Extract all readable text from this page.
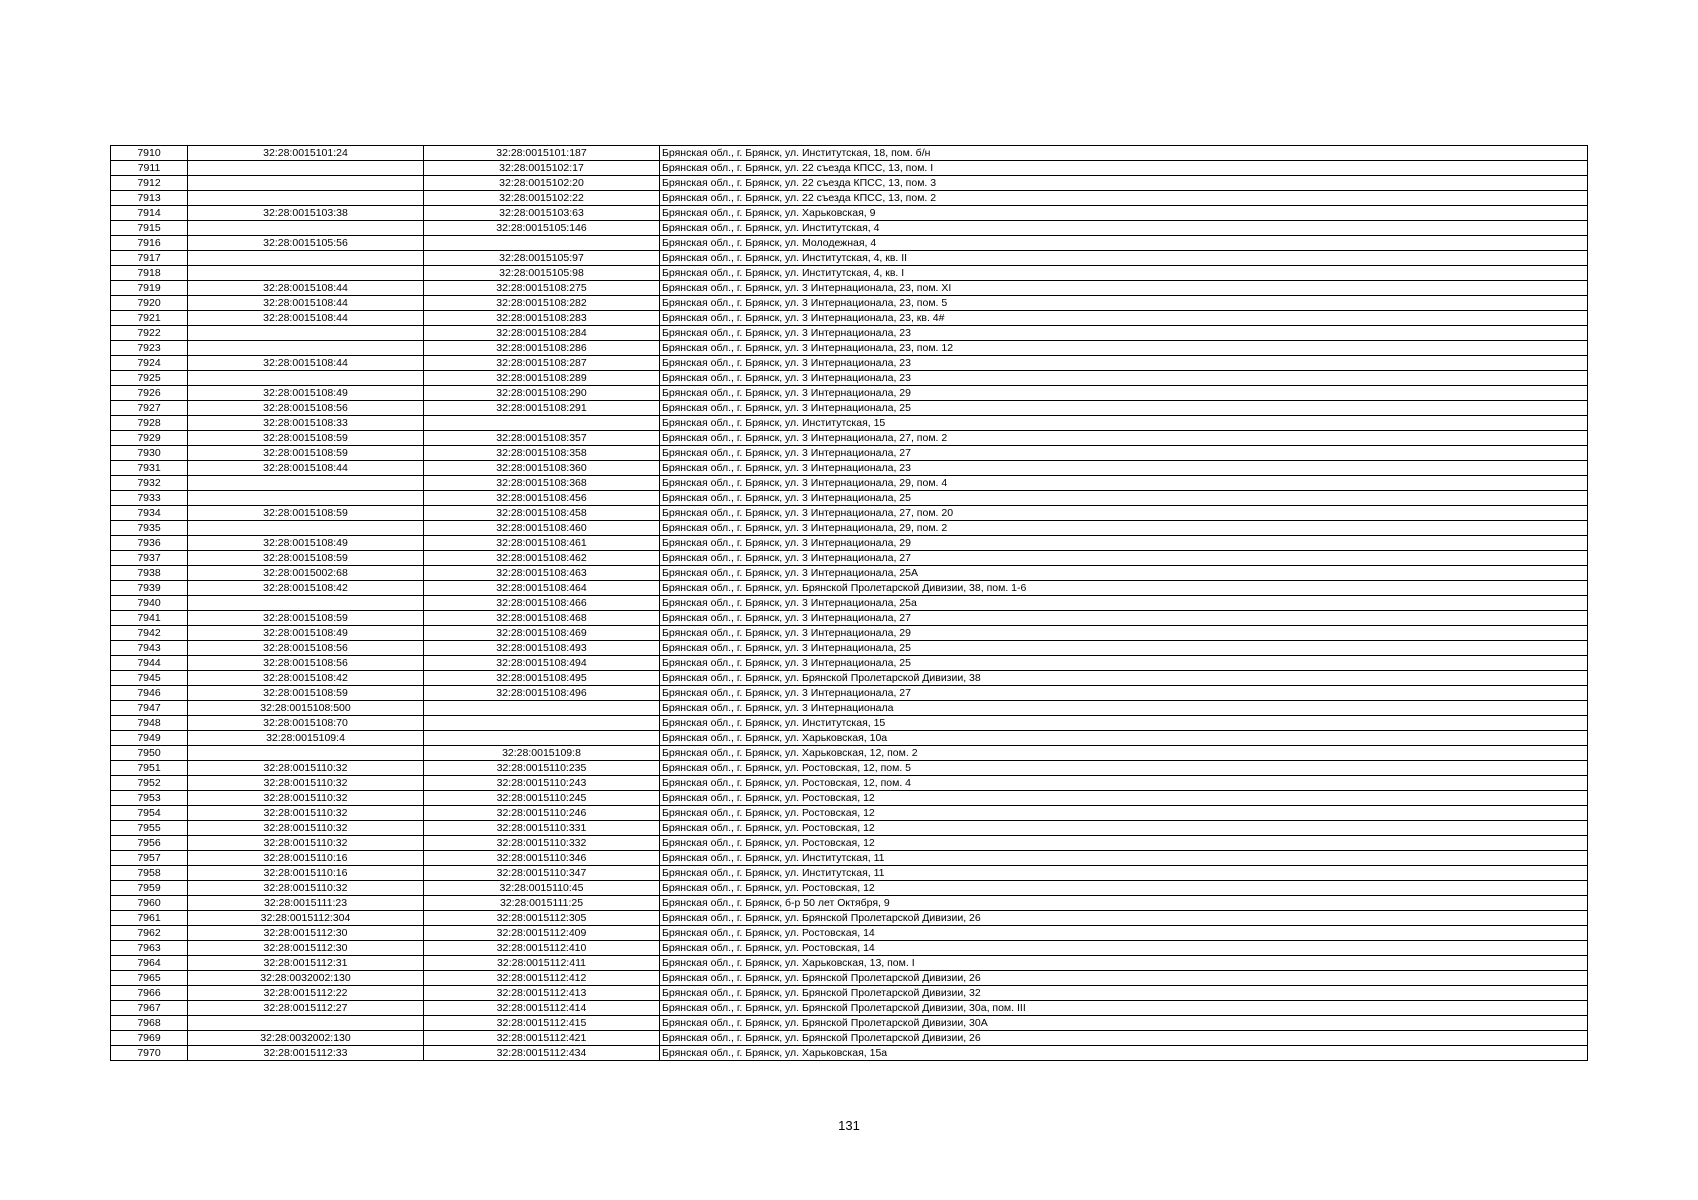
7910	32:28:0015101:24	32:28:0015101:187	Брянская обл., г. Брянск, ул. Институтская, 18, пом. б/н
7911		32:28:0015102:17	Брянская обл., г. Брянск, ул. 22 съезда КПСС, 13, пом. I
7912		32:28:0015102:20	Брянская обл., г. Брянск, ул. 22 съезда КПСС, 13, пом. 3
7913		32:28:0015102:22	Брянская обл., г. Брянск, ул. 22 съезда КПСС, 13, пом. 2
7914	32:28:0015103:38	32:28:0015103:63	Брянская обл., г. Брянск, ул. Харьковская, 9
7915		32:28:0015105:146	Брянская обл., г. Брянск, ул. Институтская, 4
7916	32:28:0015105:56		Брянская обл., г. Брянск, ул. Молодежная, 4
7917		32:28:0015105:97	Брянская обл., г. Брянск, ул. Институтская, 4, кв. II
7918		32:28:0015105:98	Брянская обл., г. Брянск, ул. Институтская, 4, кв. I
7919	32:28:0015108:44	32:28:0015108:275	Брянская обл., г. Брянск, ул. 3 Интернационала, 23, пом. XI
7920	32:28:0015108:44	32:28:0015108:282	Брянская обл., г. Брянск, ул. 3 Интернационала, 23, пом. 5
7921	32:28:0015108:44	32:28:0015108:283	Брянская обл., г. Брянск, ул. 3 Интернационала, 23, кв. 4#
7922		32:28:0015108:284	Брянская обл., г. Брянск, ул. 3 Интернационала, 23
7923		32:28:0015108:286	Брянская обл., г. Брянск, ул. 3 Интернационала, 23, пом. 12
7924	32:28:0015108:44	32:28:0015108:287	Брянская обл., г. Брянск, ул. 3 Интернационала, 23
7925		32:28:0015108:289	Брянская обл., г. Брянск, ул. 3 Интернационала, 23
7926	32:28:0015108:49	32:28:0015108:290	Брянская обл., г. Брянск, ул. 3 Интернационала, 29
7927	32:28:0015108:56	32:28:0015108:291	Брянская обл., г. Брянск, ул. 3 Интернационала, 25
7928	32:28:0015108:33		Брянская обл., г. Брянск, ул. Институтская, 15
7929	32:28:0015108:59	32:28:0015108:357	Брянская обл., г. Брянск, ул. 3 Интернационала, 27, пом. 2
7930	32:28:0015108:59	32:28:0015108:358	Брянская обл., г. Брянск, ул. 3 Интернационала, 27
7931	32:28:0015108:44	32:28:0015108:360	Брянская обл., г. Брянск, ул. 3 Интернационала, 23
7932		32:28:0015108:368	Брянская обл., г. Брянск, ул. 3 Интернационала, 29, пом. 4
7933		32:28:0015108:456	Брянская обл., г. Брянск, ул. 3 Интернационала, 25
7934	32:28:0015108:59	32:28:0015108:458	Брянская обл., г. Брянск, ул. 3 Интернационала, 27, пом. 20
7935		32:28:0015108:460	Брянская обл., г. Брянск, ул. 3 Интернационала, 29, пом. 2
7936	32:28:0015108:49	32:28:0015108:461	Брянская обл., г. Брянск, ул. 3 Интернационала, 29
7937	32:28:0015108:59	32:28:0015108:462	Брянская обл., г. Брянск, ул. 3 Интернационала, 27
7938	32:28:0015002:68	32:28:0015108:463	Брянская обл., г. Брянск, ул. 3 Интернационала, 25А
7939	32:28:0015108:42	32:28:0015108:464	Брянская обл., г. Брянск, ул. Брянской Пролетарской Дивизии, 38, пом. 1-6
7940		32:28:0015108:466	Брянская обл., г. Брянск, ул. 3 Интернационала, 25а
7941	32:28:0015108:59	32:28:0015108:468	Брянская обл., г. Брянск, ул. 3 Интернационала, 27
7942	32:28:0015108:49	32:28:0015108:469	Брянская обл., г. Брянск, ул. 3 Интернационала, 29
7943	32:28:0015108:56	32:28:0015108:493	Брянская обл., г. Брянск, ул. 3 Интернационала, 25
7944	32:28:0015108:56	32:28:0015108:494	Брянская обл., г. Брянск, ул. 3 Интернационала, 25
7945	32:28:0015108:42	32:28:0015108:495	Брянская обл., г. Брянск, ул. Брянской Пролетарской Дивизии, 38
7946	32:28:0015108:59	32:28:0015108:496	Брянская обл., г. Брянск, ул. 3 Интернационала, 27
7947	32:28:0015108:500		Брянская обл., г. Брянск, ул. 3 Интернационала
7948	32:28:0015108:70		Брянская обл., г. Брянск, ул. Институтская, 15
7949	32:28:0015109:4		Брянская обл., г. Брянск, ул. Харьковская, 10а
7950		32:28:0015109:8	Брянская обл., г. Брянск, ул. Харьковская, 12, пом. 2
7951	32:28:0015110:32	32:28:0015110:235	Брянская обл., г. Брянск, ул. Ростовская, 12, пом. 5
7952	32:28:0015110:32	32:28:0015110:243	Брянская обл., г. Брянск, ул. Ростовская, 12, пом. 4
7953	32:28:0015110:32	32:28:0015110:245	Брянская обл., г. Брянск, ул. Ростовская, 12
7954	32:28:0015110:32	32:28:0015110:246	Брянская обл., г. Брянск, ул. Ростовская, 12
7955	32:28:0015110:32	32:28:0015110:331	Брянская обл., г. Брянск, ул. Ростовская, 12
7956	32:28:0015110:32	32:28:0015110:332	Брянская обл., г. Брянск, ул. Ростовская, 12
7957	32:28:0015110:16	32:28:0015110:346	Брянская обл., г. Брянск, ул. Институтская, 11
7958	32:28:0015110:16	32:28:0015110:347	Брянская обл., г. Брянск, ул. Институтская, 11
7959	32:28:0015110:32	32:28:0015110:45	Брянская обл., г. Брянск, ул. Ростовская, 12
7960	32:28:0015111:23	32:28:0015111:25	Брянская обл., г. Брянск, б-р 50 лет Октября, 9
7961	32:28:0015112:304	32:28:0015112:305	Брянская обл., г. Брянск, ул. Брянской Пролетарской Дивизии, 26
7962	32:28:0015112:30	32:28:0015112:409	Брянская обл., г. Брянск, ул. Ростовская, 14
7963	32:28:0015112:30	32:28:0015112:410	Брянская обл., г. Брянск, ул. Ростовская, 14
7964	32:28:0015112:31	32:28:0015112:411	Брянская обл., г. Брянск, ул. Харьковская, 13, пом. I
7965	32:28:0032002:130	32:28:0015112:412	Брянская обл., г. Брянск, ул. Брянской Пролетарской Дивизии, 26
7966	32:28:0015112:22	32:28:0015112:413	Брянская обл., г. Брянск, ул. Брянской Пролетарской Дивизии, 32
7967	32:28:0015112:27	32:28:0015112:414	Брянская обл., г. Брянск, ул. Брянской Пролетарской Дивизии, 30а, пом. III
7968		32:28:0015112:415	Брянская обл., г. Брянск, ул. Брянской Пролетарской Дивизии, 30А
7969	32:28:0032002:130	32:28:0015112:421	Брянская обл., г. Брянск, ул. Брянской Пролетарской Дивизии, 26
7970	32:28:0015112:33	32:28:0015112:434	Брянская обл., г. Брянск, ул. Харьковская, 15а
131
